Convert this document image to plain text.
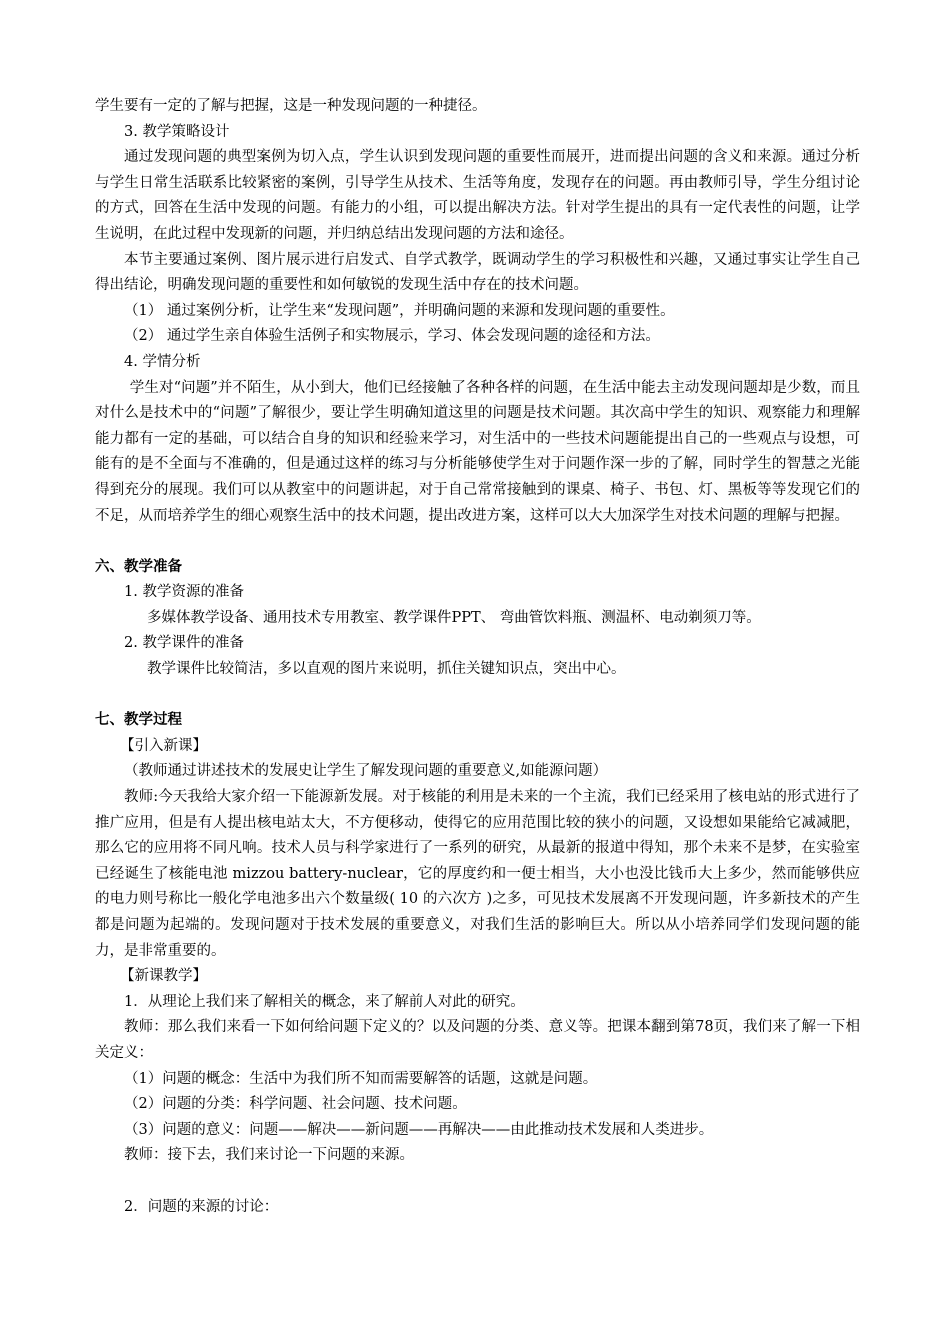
学生要有一定的了解与把握，这是一种发现问题的一种捷径。

3. 教学策略设计

通过发现问题的典型案例为切入点，学生认识到发现问题的重要性而展开，进而提出问题的含义和来源。通过分析与学生日常生活联系比较紧密的案例，引导学生从技术、生活等角度，发现存在的问题。再由教师引导，学生分组讨论的方式，回答在生活中发现的问题。有能力的小组，可以提出解决方法。针对学生提出的具有一定代表性的问题，让学生说明，在此过程中发现新的问题，并归纳总结出发现问题的方法和途径。

本节主要通过案例、图片展示进行启发式、自学式教学，既调动学生的学习积极性和兴趣，又通过事实让学生自己得出结论，明确发现问题的重要性和如何敏锐的发现生活中存在的技术问题。

（1） 通过案例分析，让学生来“发现问题”，并明确问题的来源和发现问题的重要性。

（2） 通过学生亲自体验生活例子和实物展示，学习、体会发现问题的途径和方法。

4. 学情分析

学生对“问题”并不陌生，从小到大，他们已经接触了各种各样的问题，在生活中能去主动发现问题却是少数，而且对什么是技术中的“问题”了解很少，要让学生明确知道这里的问题是技术问题。其次高中学生的知识、观察能力和理解能力都有一定的基础，可以结合自身的知识和经验来学习，对生活中的一些技术问题能提出自己的一些观点与设想，可能有的是不全面与不准确的，但是通过这样的练习与分析能够使学生对于问题作深一步的了解，同时学生的智慧之光能得到充分的展现。我们可以从教室中的问题讲起，对于自己常常接触到的课桌、椅子、书包、灯、黑板等等发现它们的不足，从而培养学生的细心观察生活中的技术问题，提出改进方案，这样可以大大加深学生对技术问题的理解与把握。

六、教学准备

1. 教学资源的准备

多媒体教学设备、通用技术专用教室、教学课件PPT、 弯曲管饮料瓶、测温杯、电动剃须刀等。

2. 教学课件的准备

教学课件比较简洁，多以直观的图片来说明，抓住关键知识点，突出中心。

七、教学过程

【引入新课】

（教师通过讲述技术的发展史让学生了解发现问题的重要意义,如能源问题）

教师:今天我给大家介绍一下能源新发展。对于核能的利用是未来的一个主流，我们已经采用了核电站的形式进行了推广应用，但是有人提出核电站太大，不方便移动，使得它的应用范围比较的狭小的问题，又设想如果能给它减减肥，那么它的应用将不同凡响。技术人员与科学家进行了一系列的研究，从最新的报道中得知，那个未来不是梦，在实验室已经诞生了核能电池 mizzou battery-nuclear，它的厚度约和一便士相当，大小也没比钱币大上多少，然而能够供应的电力则号称比一般化学电池多出六个数量级( 10 的六次方 )之多，可见技术发展离不开发现问题，许多新技术的产生都是问题为起端的。发现问题对于技术发展的重要意义，对我们生活的影响巨大。所以从小培养同学们发现问题的能力，是非常重要的。

【新课教学】

1．从理论上我们来了解相关的概念，来了解前人对此的研究。

教师：那么我们来看一下如何给问题下定义的？以及问题的分类、意义等。把课本翻到第78页，我们来了解一下相关定义：

（1）问题的概念：生活中为我们所不知而需要解答的话题，这就是问题。

（2）问题的分类：科学问题、社会问题、技术问题。

（3）问题的意义：问题——解决——新问题——再解决——由此推动技术发展和人类进步。

教师：接下去，我们来讨论一下问题的来源。

2．问题的来源的讨论：
